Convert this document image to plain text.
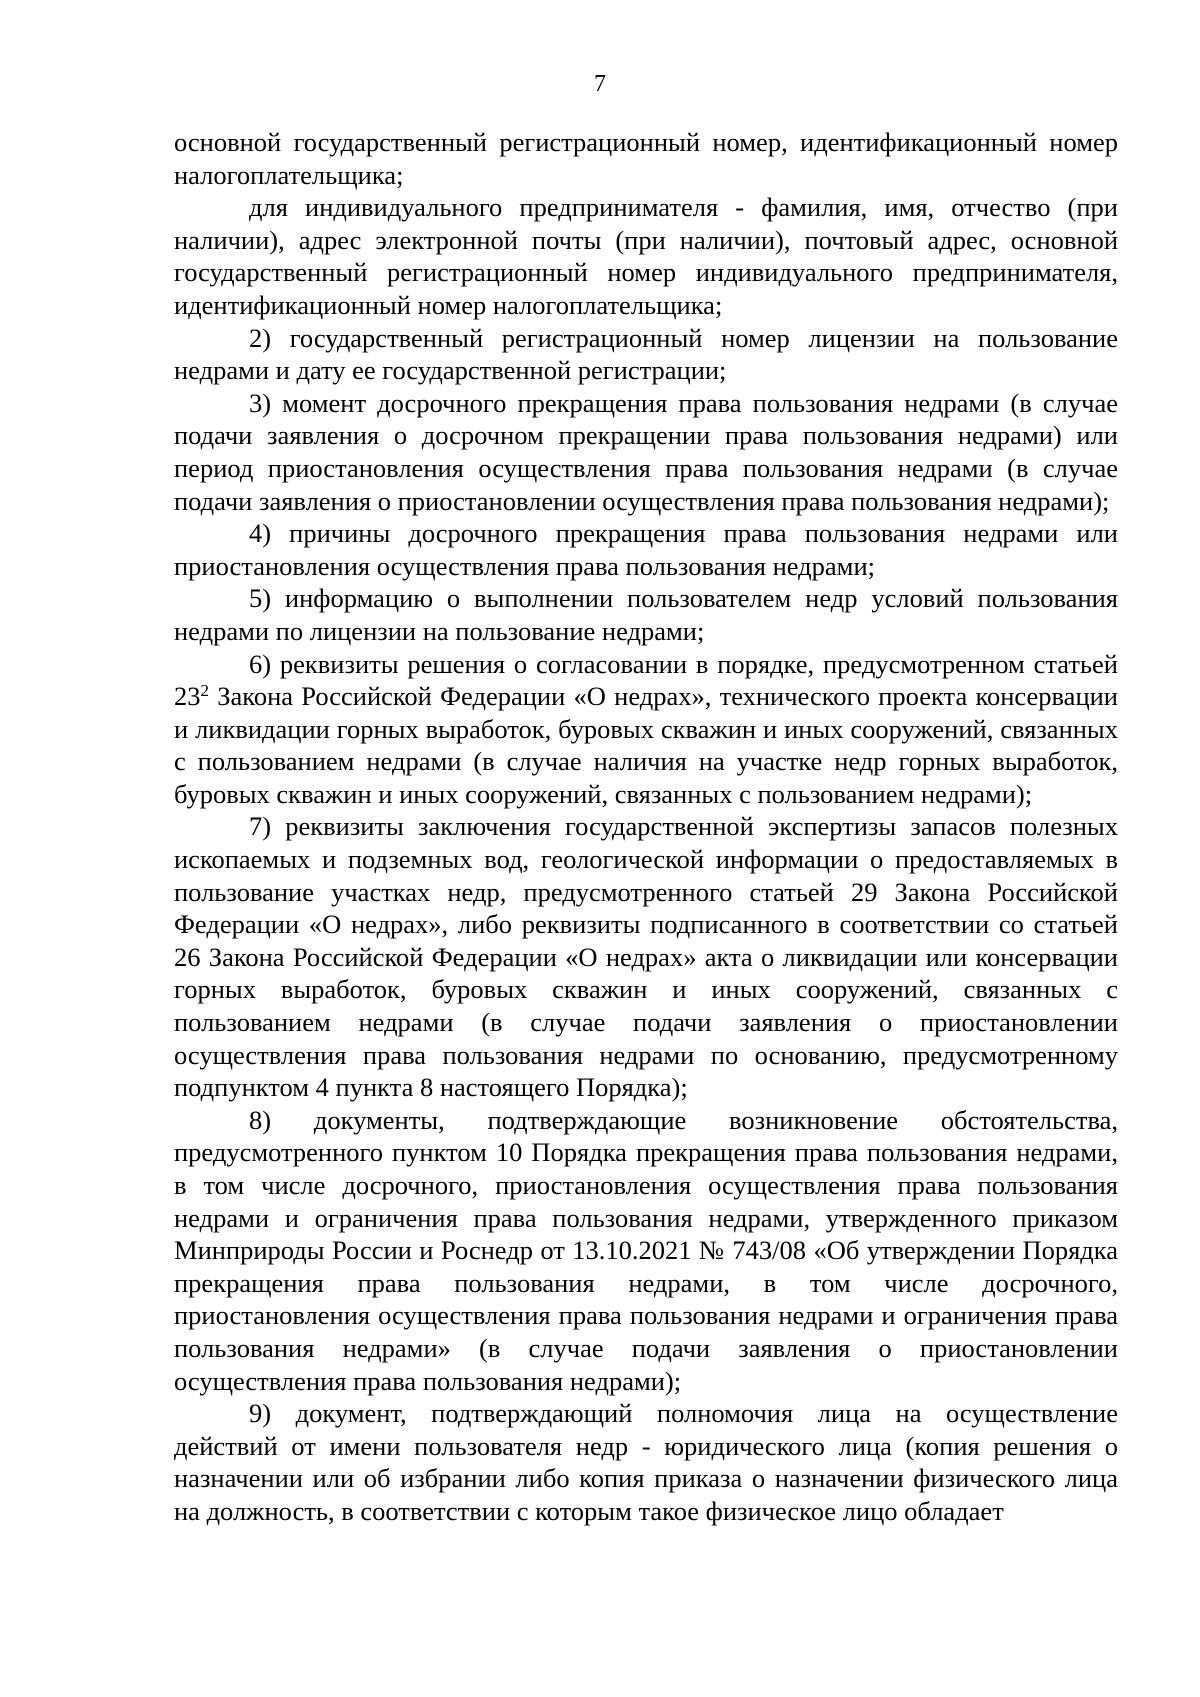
7

основной государственный регистрационный номер, идентификационный номер налогоплательщика;

для индивидуального предпринимателя - фамилия, имя, отчество (при наличии), адрес электронной почты (при наличии), почтовый адрес, основной государственный регистрационный номер индивидуального предпринимателя, идентификационный номер налогоплательщика;

2) государственный регистрационный номер лицензии на пользование недрами и дату ее государственной регистрации;

3) момент досрочного прекращения права пользования недрами (в случае подачи заявления о досрочном прекращении права пользования недрами) или период приостановления осуществления права пользования недрами (в случае подачи заявления о приостановлении осуществления права пользования недрами);

4) причины досрочного прекращения права пользования недрами или приостановления осуществления права пользования недрами;

5) информацию о выполнении пользователем недр условий пользования недрами по лицензии на пользование недрами;

6) реквизиты решения о согласовании в порядке, предусмотренном статьей $23^2$ Закона Российской Федерации «О недрах», технического проекта консервации и ликвидации горных выработок, буровых скважин и иных сооружений, связанных с пользованием недрами (в случае наличия на участке недр горных выработок, буровых скважин и иных сооружений, связанных с пользованием недрами);

7) реквизиты заключения государственной экспертизы запасов полезных ископаемых и подземных вод, геологической информации о предоставляемых в пользование участках недр, предусмотренного статьей 29 Закона Российской Федерации «О недрах», либо реквизиты подписанного в соответствии со статьей 26 Закона Российской Федерации «О недрах» акта о ликвидации или консервации горных выработок, буровых скважин и иных сооружений, связанных с пользованием недрами (в случае подачи заявления о приостановлении осуществления права пользования недрами по основанию, предусмотренному подпунктом 4 пункта 8 настоящего Порядка);

8) документы, подтверждающие возникновение обстоятельства, предусмотренного пунктом 10 Порядка прекращения права пользования недрами, в том числе досрочного, приостановления осуществления права пользования недрами и ограничения права пользования недрами, утвержденного приказом Минприроды России и Роснедр от 13.10.2021 № 743/08 «Об утверждении Порядка прекращения права пользования недрами, в том числе досрочного, приостановления осуществления права пользования недрами и ограничения права пользования недрами» (в случае подачи заявления о приостановлении осуществления права пользования недрами);

9) документ, подтверждающий полномочия лица на осуществление действий от имени пользователя недр - юридического лица (копия решения о назначении или об избрании либо копия приказа о назначении физического лица на должность, в соответствии с которым такое физическое лицо обладает
